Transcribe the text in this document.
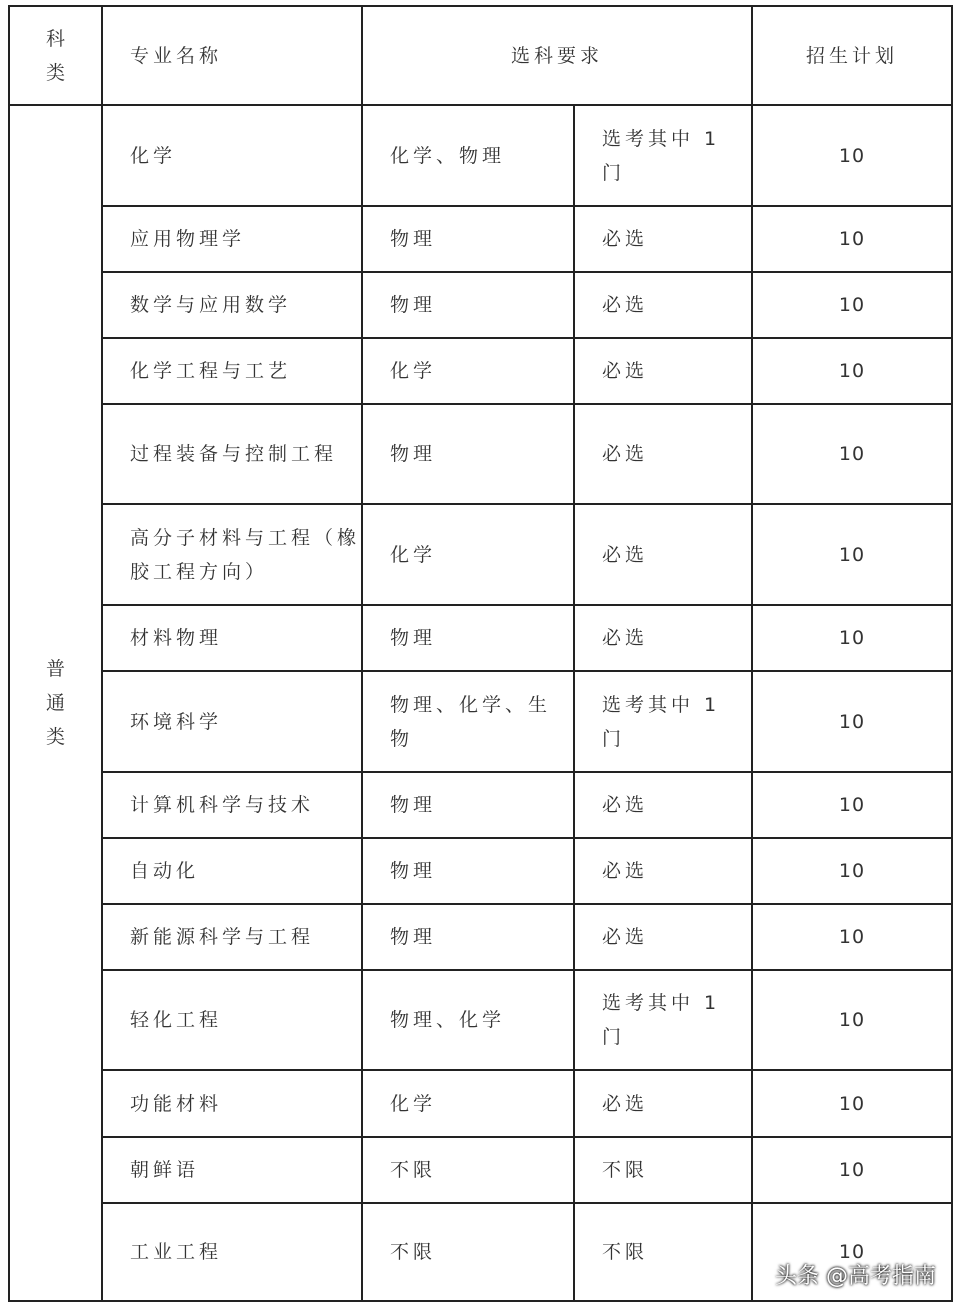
科
类	专业名称	选科要求		招生计划

普
通
类	化学	化学、物理	选考其中 1 门	10
	应用物理学	物理	必选	10
	数学与应用数学	物理	必选	10
	化学工程与工艺	化学	必选	10
	过程装备与控制工程	物理	必选	10
	高分子材料与工程（橡胶工程方向）	化学	必选	10
	材料物理	物理	必选	10
	环境科学	物理、化学、生物	选考其中 1 门	10
	计算机科学与技术	物理	必选	10
	自动化	物理	必选	10
	新能源科学与工程	物理	必选	10
	轻化工程	物理、化学	选考其中 1 门	10
	功能材料	化学	必选	10
	朝鲜语	不限	不限	10
	工业工程	不限	不限	10
头条 @高考指南
